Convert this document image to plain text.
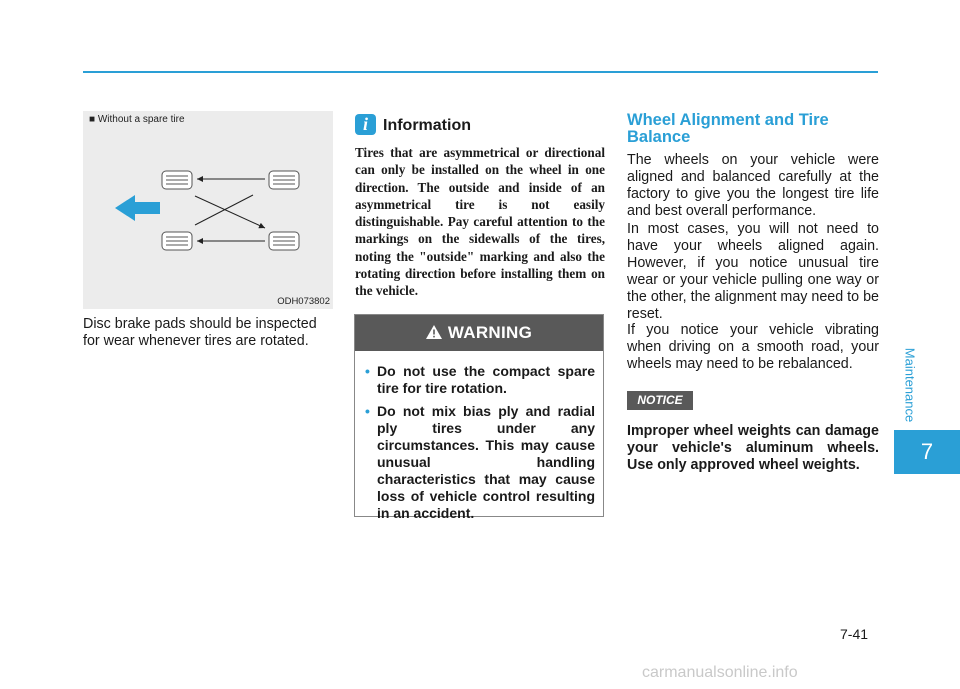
■ Without a spare tire
ODH073802
Disc brake pads should be inspected for wear whenever tires are rotated.
i Information
Tires that are asymmetrical or directional can only be installed on the wheel in one direction. The outside and inside of an asymmetrical tire is not easily distinguishable. Pay careful attention to the markings on the sidewalls of the tires, noting the "outside" marking and also the rotating direction before installing them on the vehicle.
WARNING
• Do not use the compact spare tire for tire rotation.
• Do not mix bias ply and radial ply tires under any circumstances. This may cause unusual handling characteristics that may cause loss of vehicle control resulting in an accident.
Wheel Alignment and Tire Balance
The wheels on your vehicle were aligned and balanced carefully at the factory to give you the longest tire life and best overall performance.
In most cases, you will not need to have your wheels aligned again. However, if you notice unusual tire wear or your vehicle pulling one way or the other, the alignment may need to be reset.
If you notice your vehicle vibrating when driving on a smooth road, your wheels may need to be rebalanced.
NOTICE
Improper wheel weights can damage your vehicle's aluminum wheels. Use only approved wheel weights.
Maintenance
7
7-41
carmanualsonline.info
